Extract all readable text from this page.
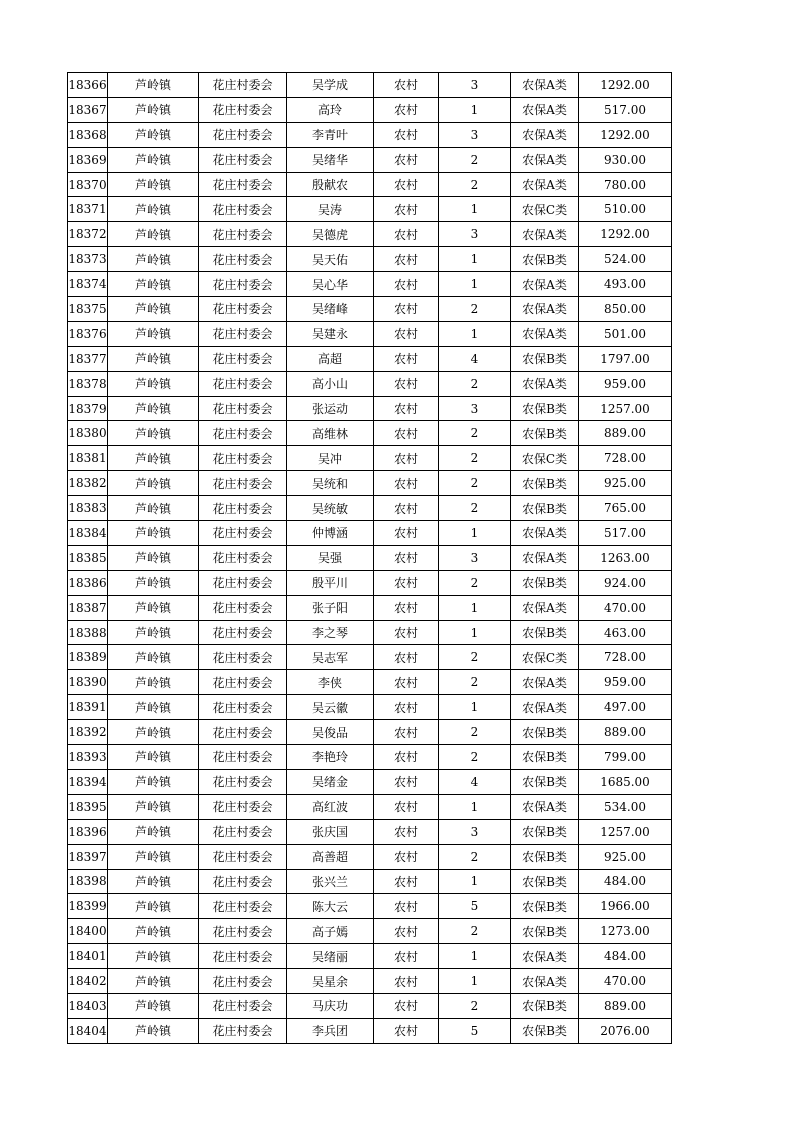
18366	芦岭镇	花庄村委会	吴学成	农村	3	农保A类	1292.00
18367	芦岭镇	花庄村委会	高玲	农村	1	农保A类	517.00
18368	芦岭镇	花庄村委会	李青叶	农村	3	农保A类	1292.00
18369	芦岭镇	花庄村委会	吴绪华	农村	2	农保A类	930.00
18370	芦岭镇	花庄村委会	殷献农	农村	2	农保A类	780.00
18371	芦岭镇	花庄村委会	吴涛	农村	1	农保C类	510.00
18372	芦岭镇	花庄村委会	吴德虎	农村	3	农保A类	1292.00
18373	芦岭镇	花庄村委会	吴天佑	农村	1	农保B类	524.00
18374	芦岭镇	花庄村委会	吴心华	农村	1	农保A类	493.00
18375	芦岭镇	花庄村委会	吴绪峰	农村	2	农保A类	850.00
18376	芦岭镇	花庄村委会	吴建永	农村	1	农保A类	501.00
18377	芦岭镇	花庄村委会	高超	农村	4	农保B类	1797.00
18378	芦岭镇	花庄村委会	高小山	农村	2	农保A类	959.00
18379	芦岭镇	花庄村委会	张运动	农村	3	农保B类	1257.00
18380	芦岭镇	花庄村委会	高维林	农村	2	农保B类	889.00
18381	芦岭镇	花庄村委会	吴冲	农村	2	农保C类	728.00
18382	芦岭镇	花庄村委会	吴统和	农村	2	农保B类	925.00
18383	芦岭镇	花庄村委会	吴统敏	农村	2	农保B类	765.00
18384	芦岭镇	花庄村委会	仲博涵	农村	1	农保A类	517.00
18385	芦岭镇	花庄村委会	吴强	农村	3	农保A类	1263.00
18386	芦岭镇	花庄村委会	殷平川	农村	2	农保B类	924.00
18387	芦岭镇	花庄村委会	张子阳	农村	1	农保A类	470.00
18388	芦岭镇	花庄村委会	李之琴	农村	1	农保B类	463.00
18389	芦岭镇	花庄村委会	吴志军	农村	2	农保C类	728.00
18390	芦岭镇	花庄村委会	李侠	农村	2	农保A类	959.00
18391	芦岭镇	花庄村委会	吴云徽	农村	1	农保A类	497.00
18392	芦岭镇	花庄村委会	吴俊品	农村	2	农保B类	889.00
18393	芦岭镇	花庄村委会	李艳玲	农村	2	农保B类	799.00
18394	芦岭镇	花庄村委会	吴绪金	农村	4	农保B类	1685.00
18395	芦岭镇	花庄村委会	高红波	农村	1	农保A类	534.00
18396	芦岭镇	花庄村委会	张庆国	农村	3	农保B类	1257.00
18397	芦岭镇	花庄村委会	高善超	农村	2	农保B类	925.00
18398	芦岭镇	花庄村委会	张兴兰	农村	1	农保B类	484.00
18399	芦岭镇	花庄村委会	陈大云	农村	5	农保B类	1966.00
18400	芦岭镇	花庄村委会	高子嫣	农村	2	农保B类	1273.00
18401	芦岭镇	花庄村委会	吴绪丽	农村	1	农保A类	484.00
18402	芦岭镇	花庄村委会	吴星余	农村	1	农保A类	470.00
18403	芦岭镇	花庄村委会	马庆功	农村	2	农保B类	889.00
18404	芦岭镇	花庄村委会	李兵团	农村	5	农保B类	2076.00
